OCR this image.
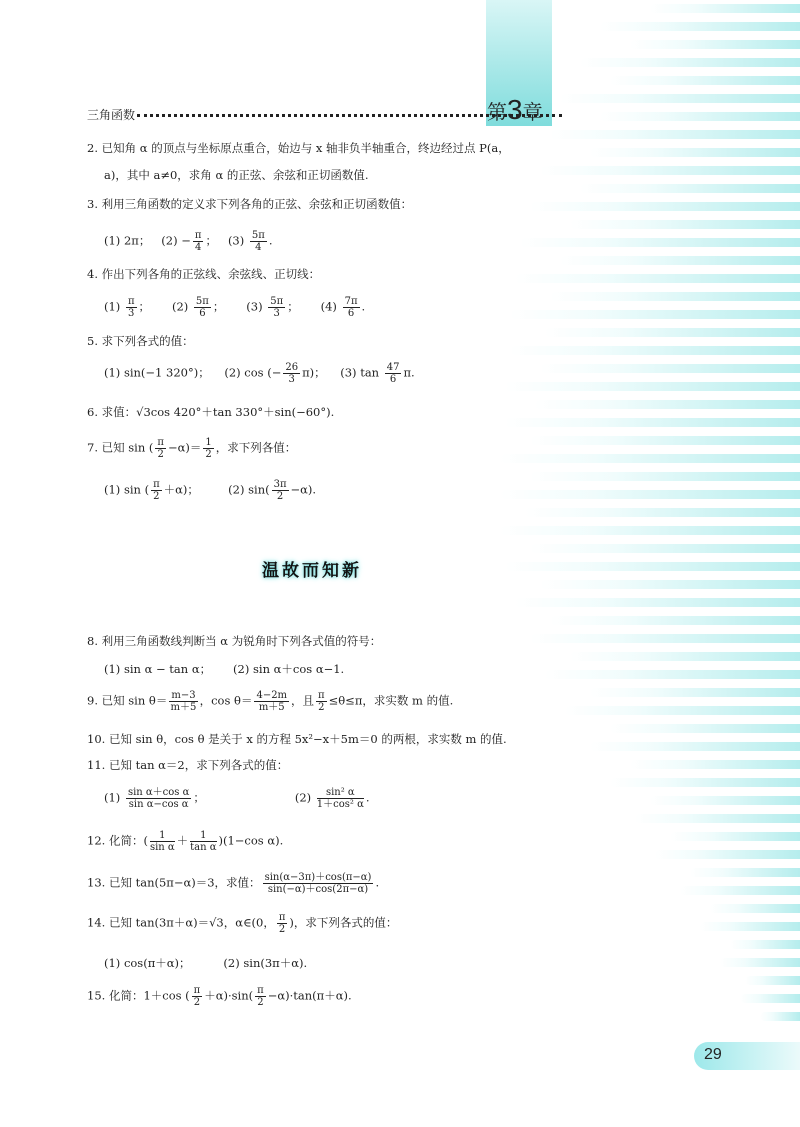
三角函数	第3章
2. 已知角 α 的顶点与坐标原点重合，始边与 x 轴非负半轴重合，终边经过点 P(a，
a)，其中 a≠0，求角 α 的正弦、余弦和正切函数值.
3. 利用三角函数的定义求下列各角的正弦、余弦和正切函数值：
(1) 2π； $(2) - \frac{\pi}{4}$ ；   $(3) \frac{5\pi}{4}$ .
4. 作出下列各角的正弦线、余弦线、正切线：
$(1) \frac{\pi}{3}$ ；      $(2) \frac{5\pi}{6}$ ；      $(3) \frac{5\pi}{3}$ ；      $(4) \frac{7\pi}{6}$ .
5. 求下列各式的值：
(1) sin(−1 320°)； (2) cos (− $\frac{26}{3} \pi$)； (3) $\tan \frac{47}{6} \pi$.
6. 求值：√3cos 420°＋tan 330°＋sin(−60°).
7. 已知 sin ( $\frac{\pi}{2} -\alpha)= \frac{1}{2}$ ，求下列各值：
(1) sin ( $\frac{\pi}{2} +\alpha$)；	(2) $\sin( \frac{3\pi}{2} -\alpha)$.
温故而知新
8. 利用三角函数线判断当 α 为锐角时下列各式值的符号：
(1) sin α − tan α； (2) sin α＋cos α−1.
9. 已知 $\sin \theta= \frac{m-3}{m+5}$ ，$\cos \theta= \frac{4-2m}{m+5}$ ，且 $\frac{\pi}{2} \le\theta\le\pi$，求实数 m 的值.
10. 已知 sin θ，cos θ 是关于 x 的方程 5x²−x＋5m＝0 的两根，求实数 m 的值.
11. 已知 tan α＝2，求下列各式的值：
$(1) \frac{\text{sin α＋cos α}}{\text{sin α−cos α}}$ ；	$(2) \frac{\text{sin² α}}{\text{1＋cos² α}}$ .
12. 化简：( $\frac{1}{\text{sin α}} + \frac{1}{\text{tan α}} )(1-\cos$ α).
13. 已知 tan(5π−α)＝3，求值： $\frac{\sin(\alpha-3\pi)+\cos(\pi-\alpha)}{\sin(-\alpha)+\cos(2\pi-\alpha)}$ .
14. 已知 tan(3π＋α)＝√3，α∈(0， $\frac{\pi}{2}$ )，求下列各式的值：
(1) cos(π＋α)；	(2) sin(3π＋α).
15. 化简：1＋cos ( $\frac{\pi}{2} +\alpha)\cdot\sin( \frac{\pi}{2} -\alpha)\cdot\tan(\pi+\alpha)$.
29
